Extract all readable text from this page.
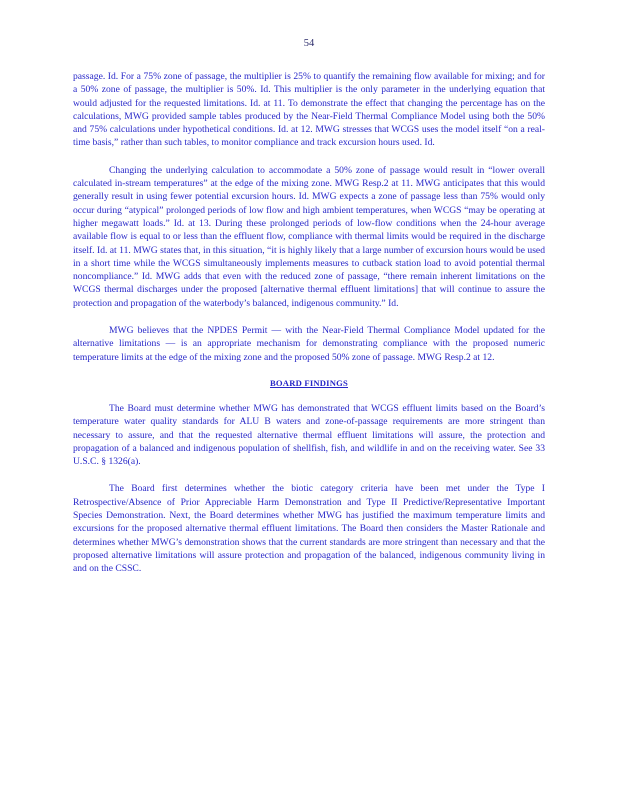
54

passage. Id. For a 75% zone of passage, the multiplier is 25% to quantify the remaining flow available for mixing; and for a 50% zone of passage, the multiplier is 50%. Id. This multiplier is the only parameter in the underlying equation that would adjusted for the requested limitations. Id. at 11. To demonstrate the effect that changing the percentage has on the calculations, MWG provided sample tables produced by the Near-Field Thermal Compliance Model using both the 50% and 75% calculations under hypothetical conditions. Id. at 12. MWG stresses that WCGS uses the model itself “on a real-time basis,” rather than such tables, to monitor compliance and track excursion hours used. Id.

Changing the underlying calculation to accommodate a 50% zone of passage would result in “lower overall calculated in-stream temperatures” at the edge of the mixing zone. MWG Resp.2 at 11. MWG anticipates that this would generally result in using fewer potential excursion hours. Id. MWG expects a zone of passage less than 75% would only occur during “atypical” prolonged periods of low flow and high ambient temperatures, when WCGS “may be operating at higher megawatt loads.” Id. at 13. During these prolonged periods of low-flow conditions when the 24-hour average available flow is equal to or less than the effluent flow, compliance with thermal limits would be required in the discharge itself. Id. at 11. MWG states that, in this situation, “it is highly likely that a large number of excursion hours would be used in a short time while the WCGS simultaneously implements measures to cutback station load to avoid potential thermal noncompliance.” Id. MWG adds that even with the reduced zone of passage, “there remain inherent limitations on the WCGS thermal discharges under the proposed [alternative thermal effluent limitations] that will continue to assure the protection and propagation of the waterbody’s balanced, indigenous community.” Id.

MWG believes that the NPDES Permit — with the Near-Field Thermal Compliance Model updated for the alternative limitations — is an appropriate mechanism for demonstrating compliance with the proposed numeric temperature limits at the edge of the mixing zone and the proposed 50% zone of passage. MWG Resp.2 at 12.

BOARD FINDINGS

The Board must determine whether MWG has demonstrated that WCGS effluent limits based on the Board’s temperature water quality standards for ALU B waters and zone-of-passage requirements are more stringent than necessary to assure, and that the requested alternative thermal effluent limitations will assure, the protection and propagation of a balanced and indigenous population of shellfish, fish, and wildlife in and on the receiving water. See 33 U.S.C. § 1326(a).

The Board first determines whether the biotic category criteria have been met under the Type I Retrospective/Absence of Prior Appreciable Harm Demonstration and Type II Predictive/Representative Important Species Demonstration. Next, the Board determines whether MWG has justified the maximum temperature limits and excursions for the proposed alternative thermal effluent limitations. The Board then considers the Master Rationale and determines whether MWG’s demonstration shows that the current standards are more stringent than necessary and that the proposed alternative limitations will assure protection and propagation of the balanced, indigenous community living in and on the CSSC.
